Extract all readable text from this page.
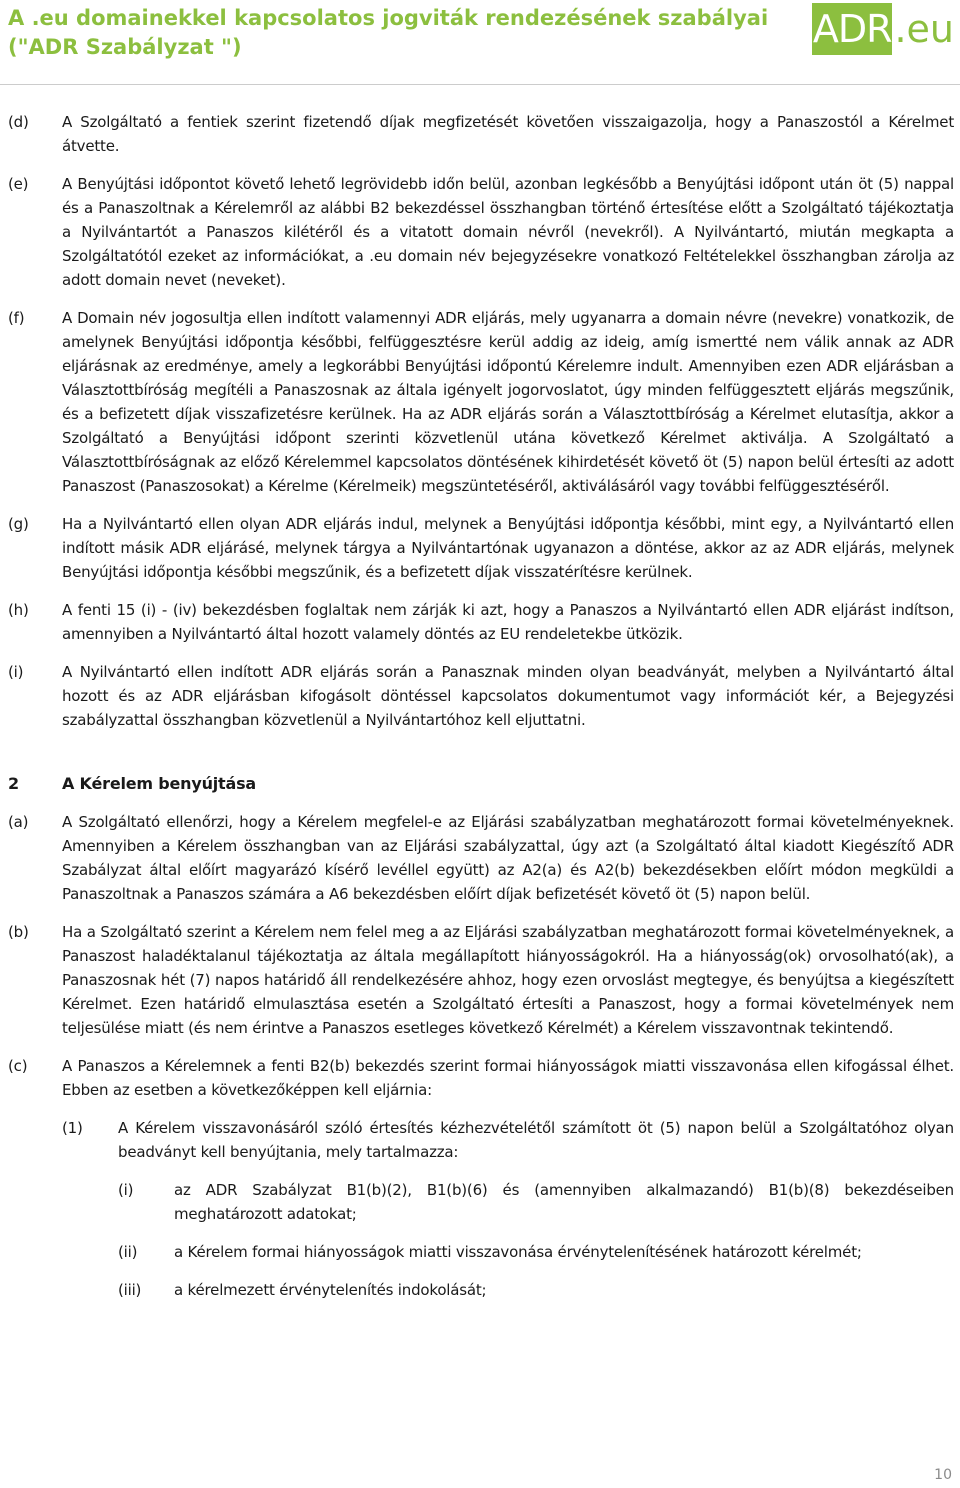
A .eu domainekkel kapcsolatos jogviták rendezésének szabályai ("ADR Szabályzat ")	ADR .eu
(d) A Szolgáltató a fentiek szerint fizetendő díjak megfizetését követően visszaigazolja, hogy a Panaszostól a Kérelmet átvette.
(e) A Benyújtási időpontot követő lehető legrövidebb időn belül, azonban legkésőbb a Benyújtási időpont után öt (5) nappal és a Panaszoltnak a Kérelemről az alábbi B2 bekezdéssel összhangban történő értesítése előtt a Szolgáltató tájékoztatja a Nyilvántartót a Panaszos kilétéről és a vitatott domain névről (nevekről). A Nyilvántartó, miután megkapta a Szolgáltatótól ezeket az információkat, a .eu domain név bejegyzésekre vonatkozó Feltételekkel összhangban zárolja az adott domain nevet (neveket).
(f)	A Domain név jogosultja ellen indított valamennyi ADR eljárás, mely ugyanarra a domain névre (nevekre) vonatkozik, de amelynek Benyújtási időpontja későbbi, felfüggesztésre kerül addig az ideig, amíg ismertté nem válik annak az ADR eljárásnak az eredménye, amely a legkorábbi Benyújtási időpontú Kérelemre indult. Amennyiben ezen ADR eljárásban a Választottbíróság megítéli a Panaszosnak az általa igényelt jogorvoslatot, úgy minden felfüggesztett eljárás megszűnik, és a befizetett díjak visszafizetésre kerülnek. Ha az ADR eljárás során a Választottbíróság a Kérelmet elutasítja, akkor a Szolgáltató a Benyújtási időpont szerinti közvetlenül utána következő Kérelmet aktiválja. A Szolgáltató a Választottbíróságnak az előző Kérelemmel kapcsolatos döntésének kihirdetését követő öt (5) napon belül értesíti az adott Panaszost (Panaszosokat) a Kérelme (Kérelmeik) megszüntetéséről, aktiválásáról vagy további felfüggesztéséről.
(g) Ha a Nyilvántartó ellen olyan ADR eljárás indul, melynek a Benyújtási időpontja későbbi, mint egy, a Nyilvántartó ellen indított másik ADR eljárásé, melynek tárgya a Nyilvántartónak ugyanazon a döntése, akkor az az ADR eljárás, melynek Benyújtási időpontja későbbi megszűnik, és a befizetett díjak visszatérítésre kerülnek.
(h) A fenti 15 (i) - (iv) bekezdésben foglaltak nem zárják ki azt, hogy a Panaszos a Nyilvántartó ellen ADR eljárást indítson, amennyiben a Nyilvántartó által hozott valamely döntés az EU rendeletekbe ütközik.
(i)	A Nyilvántartó ellen indított ADR eljárás során a Panasznak minden olyan beadványát, melyben a Nyilvántartó által hozott és az ADR eljárásban kifogásolt döntéssel kapcsolatos dokumentumot vagy információt kér, a Bejegyzési szabályzattal összhangban közvetlenül a Nyilvántartóhoz kell eljuttatni.
2	A Kérelem benyújtása
(a) A Szolgáltató ellenőrzi, hogy a Kérelem megfelel-e az Eljárási szabályzatban meghatározott formai követelményeknek. Amennyiben a Kérelem összhangban van az Eljárási szabályzattal, úgy azt (a Szolgáltató által kiadott Kiegészítő ADR Szabályzat által előírt magyarázó kísérő levéllel együtt) az A2(a) és A2(b) bekezdésekben előírt módon megküldi a Panaszoltnak a Panaszos számára a A6 bekezdésben előírt díjak befizetését követő öt (5) napon belül.
(b) Ha a Szolgáltató szerint a Kérelem nem felel meg a az Eljárási szabályzatban meghatározott formai követelményeknek, a Panaszost haladéktalanul tájékoztatja az általa megállapított hiányosságokról. Ha a hiányosság(ok) orvosolható(ak), a Panaszosnak hét (7) napos határidő áll rendelkezésére ahhoz, hogy ezen orvoslást megtegye, és benyújtsa a kiegészített Kérelmet. Ezen határidő elmulasztása esetén a Szolgáltató értesíti a Panaszost, hogy a formai követelmények nem teljesülése miatt (és nem érintve a Panaszos esetleges következő Kérelmét) a Kérelem visszavontnak tekintendő.
(c) A Panaszos a Kérelemnek a fenti B2(b) bekezdés szerint formai hiányosságok miatti visszavonása ellen kifogással élhet. Ebben az esetben a következőképpen kell eljárnia:
(1) A Kérelem visszavonásáról szóló értesítés kézhezvételétől számított öt (5) napon belül a Szolgáltatóhoz olyan beadványt kell benyújtania, mely tartalmazza:
(i)	az ADR Szabályzat B1(b)(2), B1(b)(6) és (amennyiben alkalmazandó) B1(b)(8) bekezdéseiben meghatározott adatokat;
(ii) a Kérelem formai hiányosságok miatti visszavonása érvénytelenítésének határozott kérelmét;
(iii) a kérelmezett érvénytelenítés indokolását;
10
